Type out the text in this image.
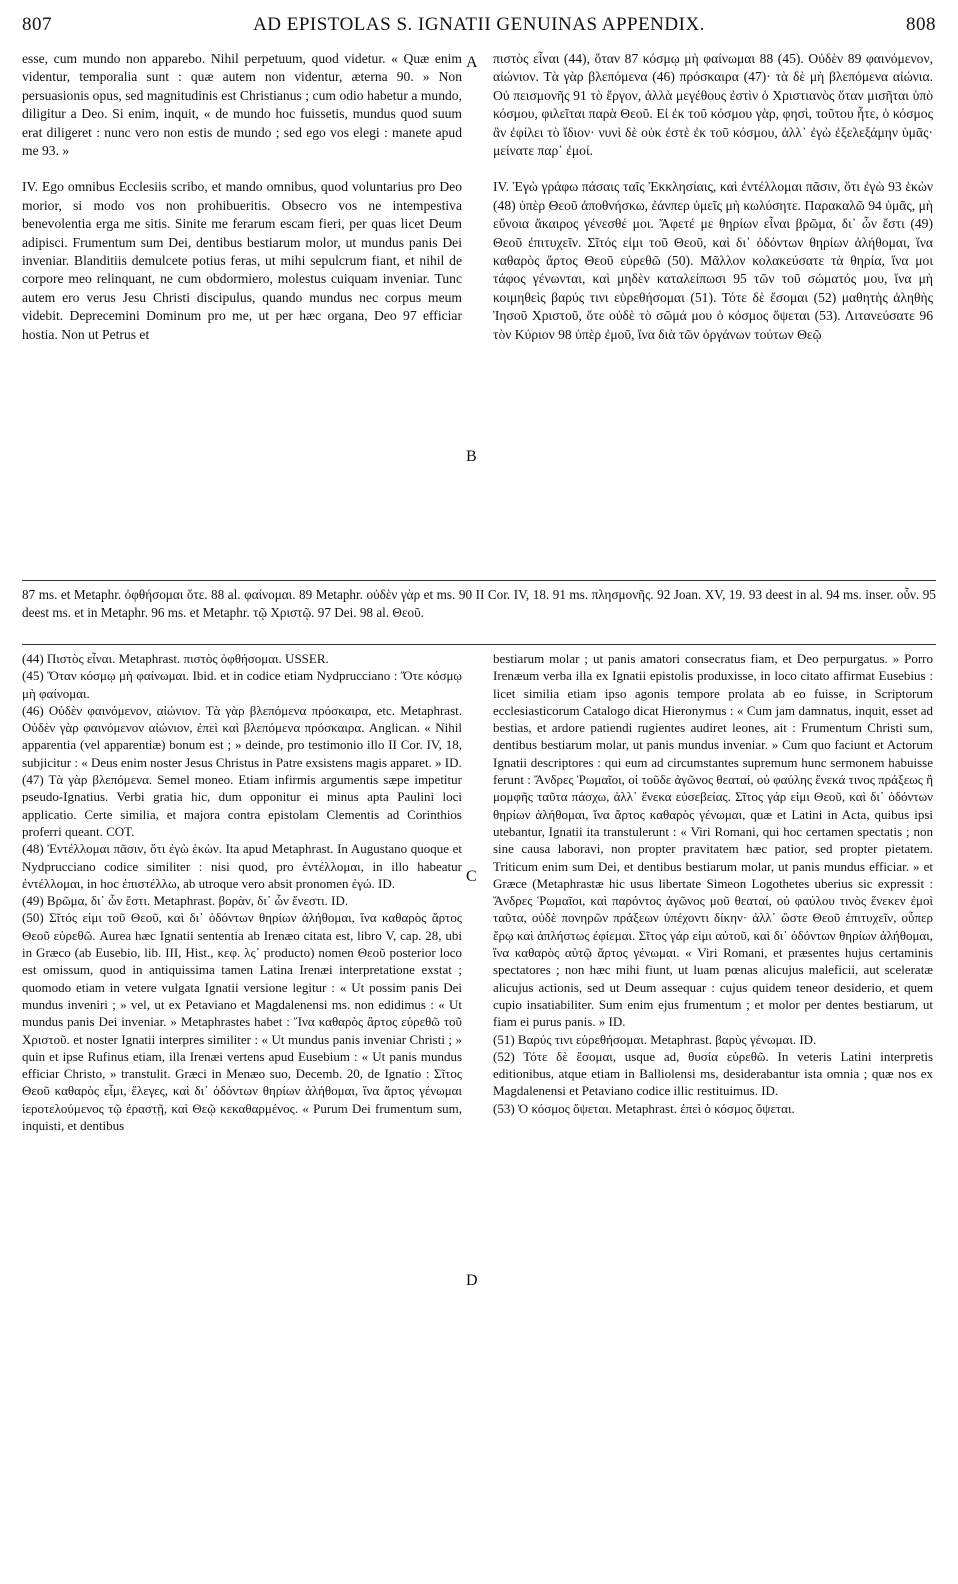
807	AD EPISTOLAS S. IGNATII GENUINAS APPENDIX.	808

esse, cum mundo non apparebo. Nihil perpetuum, quod videtur. « Quæ enim videntur, temporalia sunt : quæ autem non videntur, æterna 90. » Non persuasionis opus, sed magnitudinis est Christianus ; cum odio habetur a mundo, diligitur a Deo. Si enim, inquit, « de mundo hoc fuissetis, mundus quod suum erat diligeret : nunc vero non estis de mundo ; sed ego vos elegi : manete apud me 93. »

IV. Ego omnibus Ecclesiis scribo, et mando omnibus, quod voluntarius pro Deo morior, si modo vos non prohibueritis. Obsecro vos ne intempestiva benevolentia erga me sitis. Sinite me ferarum escam fieri, per quas licet Deum adipisci. Frumentum sum Dei, dentibus bestiarum molor, ut mundus panis Dei inveniar. Blanditiis demulcete potius feras, ut mihi sepulcrum fiant, et nihil de corpore meo relinquant, ne cum obdormiero, molestus cuiquam inveniar. Tunc autem ero verus Jesu Christi discipulus, quando mundus nec corpus meum videbit. Deprecemini Dominum pro me, ut per hæc organa, Deo 97 efficiar hostia. Non ut Petrus et

A
B
C
D

πιστὸς εἶναι (44), ὅταν 87 κόσμῳ μὴ φαίνωμαι 88 (45). Οὐδὲν 89 φαινόμενον, αἰώνιον. Τὰ γὰρ βλεπόμενα (46) πρόσκαιρα (47)· τὰ δὲ μὴ βλεπόμενα αἰώνια. Οὐ πεισμονῆς 91 τὸ ἔργον, ἀλλὰ μεγέθους ἐστὶν ὁ Χριστιανὸς ὅταν μισῆται ὑπὸ κόσμου, φιλεῖται παρὰ Θεοῦ. Εἰ ἐκ τοῦ κόσμου γὰρ, φησὶ, τοῦτου ἦτε, ὁ κόσμος ἂν ἐφίλει τὸ ἴδιον· νυνὶ δὲ οὐκ ἐστὲ ἐκ τοῦ κόσμου, ἀλλ᾽ ἐγὼ ἐξελεξάμην ὑμᾶς· μείνατε παρ᾽ ἐμοί.

IV. Ἐγὼ γράφω πάσαις ταῖς Ἐκκλησίαις, καὶ ἐντέλλομαι πᾶσιν, ὅτι ἐγὼ 93 ἑκὼν (48) ὑπὲρ Θεοῦ ἀποθνήσκω, ἐάνπερ ὑμεῖς μὴ κωλύσητε. Παρακαλῶ 94 ὑμᾶς, μὴ εὔνοια ἄκαιρος γένεσθέ μοι. Ἄφετέ με θηρίων εἶναι βρῶμα, δι᾽ ὧν ἔστι (49) Θεοῦ ἐπιτυχεῖν. Σῖτός εἰμι τοῦ Θεοῦ, καὶ δι᾽ ὀδόντων θηρίων ἀλήθομαι, ἵνα καθαρὸς ἄρτος Θεοῦ εὑρεθῶ (50). Μᾶλλον κολακεύσατε τὰ θηρία, ἵνα μοι τάφος γένωνται, καὶ μηδὲν καταλείπωσι 95 τῶν τοῦ σώματός μου, ἵνα μὴ κοιμηθεὶς βαρύς τινι εὑρεθήσομαι (51). Τότε δὲ ἔσομαι (52) μαθητὴς ἀληθὴς Ἰησοῦ Χριστοῦ, ὅτε οὐδὲ τὸ σῶμά μου ὁ κόσμος ὄψεται (53). Λιτανεύσατε 96 τὸν Κύριον 98 ὑπὲρ ἐμοῦ, ἵνα διὰ τῶν ὀργάνων τούτων Θεῷ

87 ms. et Metaphr. ὀφθήσομαι ὅτε. 88 al. φαίνομαι. 89 Metaphr. οὐδὲν γὰρ et ms. 90 II Cor. IV, 18. 91 ms. πλησμονῆς. 92 Joan. XV, 19. 93 deest in al. 94 ms. inser. οὖν. 95 deest ms. et in Metaphr. 96 ms. et Metaphr. τῷ Χριστῷ. 97 Dei. 98 al. Θεοῦ.

(44) Πιστὸς εἶναι. Metaphrast. πιστὸς ὀφθήσομαι. USSER.

(45) Ὅταν κόσμῳ μὴ φαίνωμαι. Ibid. et in codice etiam Nydprucciano : Ὅτε κόσμῳ μὴ φαίνομαι.

(46) Οὐδὲν φαινόμενον, αἰώνιον. Τὰ γὰρ βλεπόμενα πρόσκαιρα, etc. Metaphrast. Οὐδὲν γὰρ φαινόμενον αἰώνιον, ἐπεὶ καὶ βλεπόμενα πρόσκαιρα. Anglican. « Nihil apparentia (vel apparentiæ) bonum est ; » deinde, pro testimonio illo II Cor. IV, 18, subjicitur : « Deus enim noster Jesus Christus in Patre exsistens magis apparet. » ID.

(47) Τὰ γὰρ βλεπόμενα. Semel moneo. Etiam infirmis argumentis sæpe impetitur pseudo-Ignatius. Verbi gratia hic, dum opponitur ei minus apta Paulini loci applicatio. Certe similia, et majora contra epistolam Clementis ad Corinthios proferri queant. COT.

(48) Ἐντέλλομαι πᾶσιν, ὅτι ἐγὼ ἑκὼν. Ita apud Metaphrast. In Augustano quoque et Nydprucciano codice similiter : nisi quod, pro ἐντέλλομαι, in illo habeatur ἐντέλλομαι, in hoc ἐπιστέλλω, ab utroque vero absit pronomen ἐγώ. ID.

(49) Βρῶμα, δι᾽ ὧν ἔστι. Metaphrast. βορὰν, δι᾽ ὧν ἔνεστι. ID.

(50) Σῖτός εἰμι τοῦ Θεοῦ, καὶ δι᾽ ὀδόντων θηρίων ἀλήθομαι, ἵνα καθαρὸς ἄρτος Θεοῦ εὑρεθῶ. Aurea hæc Ignatii sententia ab Irenæo citata est, libro V, cap. 28, ubi in Græco (ab Eusebio, lib. III, Hist., κεφ. λς᾽ producto) nomen Θεοῦ posterior loco est omissum, quod in antiquissima tamen Latina Irenæi interpretatione exstat ; quomodo etiam in vetere vulgata Ignatii versione legitur : « Ut possim panis Dei mundus inveniri ; » vel, ut ex Petaviano et Magdalenensi ms. non edidimus : « Ut mundus panis Dei inveniar. » Metaphrastes habet : Ἵνα καθαρὸς ἄρτος εὑρεθῶ τοῦ Χριστοῦ. et noster Ignatii interpres similiter : « Ut mundus panis inveniar Christi ; » quin et ipse Rufinus etiam, illa Irenæi vertens apud Eusebium : « Ut panis mundus efficiar Christo, » transtulit. Græci in Menæo suo, Decemb. 20, de Ignatio : Σῖτος Θεοῦ καθαρὸς εἶμι, ἔλεγες, καὶ δι᾽ ὀδόντων θηρίων ἀλήθομαι, ἵνα ἄρτος γένωμαι ἱεροτελούμενος τῷ ἐραστῇ, καὶ Θεῷ κεκαθαρμένος. « Purum Dei frumentum sum, inquisti, et dentibus

bestiarum molar ; ut panis amatori consecratus fiam, et Deo perpurgatus. » Porro Irenæum verba illa ex Ignatii epistolis produxisse, in loco citato affirmat Eusebius : licet similia etiam ipso agonis tempore prolata ab eo fuisse, in Scriptorum ecclesiasticorum Catalogo dicat Hieronymus : « Cum jam damnatus, inquit, esset ad bestias, et ardore patiendi rugientes audiret leones, ait : Frumentum Christi sum, dentibus bestiarum molar, ut panis mundus inveniar. » Cum quo faciunt et Actorum Ignatii descriptores : qui eum ad circumstantes supremum hunc sermonem habuisse ferunt : Ἄνδρες Ῥωμαῖοι, οἱ τοῦδε ἀγῶνος θεαταί, οὐ φαύλης ἕνεκά τινος πράξεως ἢ μομφῆς ταῦτα πάσχω, ἀλλ᾽ ἕνεκα εὐσεβείας. Σῖτος γάρ εἰμι Θεοῦ, καὶ δι᾽ ὀδόντων θηρίων ἀλήθομαι, ἵνα ἄρτος καθαρὸς γένωμαι, quæ et Latini in Acta, quibus ipsi utebantur, Ignatii ita transtulerunt : « Viri Romani, qui hoc certamen spectatis ; non sine causa laboravi, non propter pravitatem hæc patior, sed propter pietatem. Triticum enim sum Dei, et dentibus bestiarum molar, ut panis mundus efficiar. » et Græce (Metaphrastæ hic usus libertate Simeon Logothetes uberius sic expressit : Ἄνδρες Ῥωμαῖοι, καὶ παρόντος ἀγῶνος μοῦ θεαταί, οὐ φαύλου τινὸς ἕνεκεν ἐμοὶ ταῦτα, οὐδὲ πονηρῶν πράξεων ὑπέχοντι δίκην· ἀλλ᾽ ὥστε Θεοῦ ἐπιτυχεῖν, οὗπερ ἔρῳ καὶ ἀπλήστως ἐφίεμαι. Σῖτος γάρ εἰμι αὐτοῦ, καὶ δι᾽ ὀδόντων θηρίων ἀλήθομαι, ἵνα καθαρὸς αὐτῷ ἄρτος γένωμαι. « Viri Romani, et præsentes hujus certaminis spectatores ; non hæc mihi fiunt, ut luam pœnas alicujus maleficii, aut sceleratæ alicujus actionis, sed ut Deum assequar : cujus quidem teneor desiderio, et quem cupio insatiabiliter. Sum enim ejus frumentum ; et molor per dentes bestiarum, ut fiam ei purus panis. » ID.

(51) Βαρύς τινι εὑρεθήσομαι. Metaphrast. βαρὺς γένωμαι. ID.

(52) Τότε δὲ ἔσομαι, usque ad, θυσία εὑρεθῶ. In veteris Latini interpretis editionibus, atque etiam in Balliolensi ms, desiderabantur ista omnia ; quæ nos ex Magdalenensi et Petaviano codice illic restituimus. ID.

(53) Ὁ κόσμος ὄψεται. Metaphrast. ἐπεὶ ὁ κόσμος ὄψεται.
